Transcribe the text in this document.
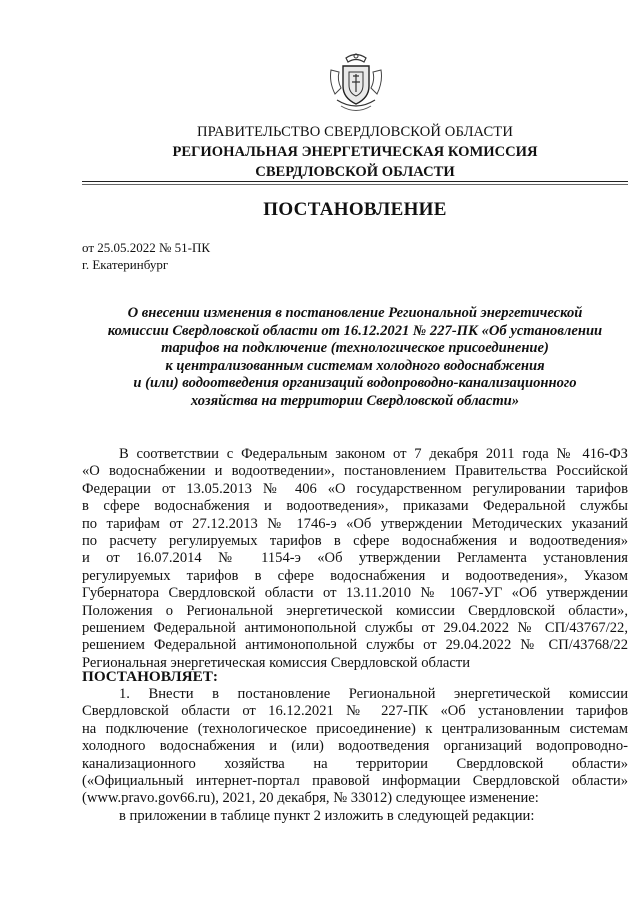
ПРАВИТЕЛЬСТВО СВЕРДЛОВСКОЙ ОБЛАСТИ
РЕГИОНАЛЬНАЯ ЭНЕРГЕТИЧЕСКАЯ КОМИССИЯ
СВЕРДЛОВСКОЙ ОБЛАСТИ
ПОСТАНОВЛЕНИЕ
от 25.05.2022 № 51-ПК
г. Екатеринбург
О внесении изменения в постановление Региональной энергетической
комиссии Свердловской области от 16.12.2021 № 227-ПК «Об установлении
тарифов на подключение (технологическое присоединение)
к централизованным системам холодного водоснабжения
и (или) водоотведения организаций водопроводно-канализационного
хозяйства на территории Свердловской области»
В соответствии с Федеральным законом от 7 декабря 2011 года № 416-ФЗ
«О водоснабжении и водоотведении», постановлением Правительства Российской
Федерации от 13.05.2013 № 406 «О государственном регулировании тарифов
в сфере водоснабжения и водоотведения», приказами Федеральной службы
по тарифам от 27.12.2013 № 1746-э «Об утверждении Методических указаний
по расчету регулируемых тарифов в сфере водоснабжения и водоотведения»
и от 16.07.2014 № 1154-э «Об утверждении Регламента установления
регулируемых тарифов в сфере водоснабжения и водоотведения», Указом
Губернатора Свердловской области от 13.11.2010 № 1067-УГ «Об утверждении
Положения о Региональной энергетической комиссии Свердловской области»,
решением Федеральной антимонопольной службы от 29.04.2022 № СП/43767/22,
решением Федеральной антимонопольной службы от 29.04.2022 № СП/43768/22
Региональная энергетическая комиссия Свердловской области
ПОСТАНОВЛЯЕТ:
1. Внести в постановление Региональной энергетической комиссии
Свердловской области от 16.12.2021 № 227-ПК «Об установлении тарифов
на подключение (технологическое присоединение) к централизованным системам
холодного водоснабжения и (или) водоотведения организаций водопроводно-
канализационного хозяйства на территории Свердловской области»
(«Официальный интернет-портал правовой информации Свердловской области»
(www.pravo.gov66.ru), 2021, 20 декабря, № 33012) следующее изменение:
в приложении в таблице пункт 2 изложить в следующей редакции:
